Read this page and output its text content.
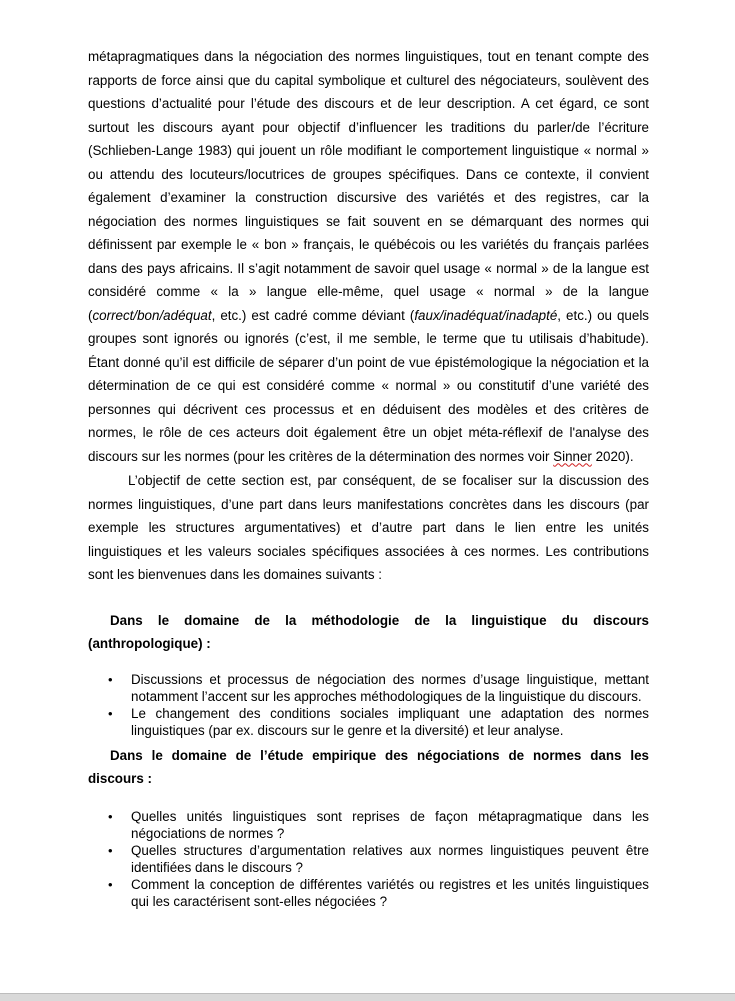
métapragmatiques dans la négociation des normes linguistiques, tout en tenant compte des rapports de force ainsi que du capital symbolique et culturel des négociateurs, soulèvent des questions d’actualité pour l’étude des discours et de leur description. A cet égard, ce sont surtout les discours ayant pour objectif d’influencer les traditions du parler/de l’écriture (Schlieben-Lange 1983) qui jouent un rôle modifiant le comportement linguistique « normal » ou attendu des locuteurs/locutrices de groupes spécifiques. Dans ce contexte, il convient également d’examiner la construction discursive des variétés et des registres, car la négociation des normes linguistiques se fait souvent en se démarquant des normes qui définissent par exemple le « bon » français, le québécois ou les variétés du français parlées dans des pays africains. Il s’agit notamment de savoir quel usage « normal » de la langue est considéré comme « la » langue elle-même, quel usage « normal » de la langue (correct/bon/adéquat, etc.) est cadré comme déviant (faux/inadéquat/inadapté, etc.) ou quels groupes sont ignorés ou ignorés (c’est, il me semble, le terme que tu utilisais d’habitude). Étant donné qu’il est difficile de séparer d’un point de vue épistémologique la négociation et la détermination de ce qui est considéré comme « normal » ou constitutif d’une variété des personnes qui décrivent ces processus et en déduisent des modèles et des critères de normes, le rôle de ces acteurs doit également être un objet méta-réflexif de l'analyse des discours sur les normes (pour les critères de la détermination des normes voir Sinner 2020).

L’objectif de cette section est, par conséquent, de se focaliser sur la discussion des normes linguistiques, d’une part dans leurs manifestations concrètes dans les discours (par exemple les structures argumentatives) et d’autre part dans le lien entre les unités linguistiques et les valeurs sociales spécifiques associées à ces normes. Les contributions sont les bienvenues dans les domaines suivants :

Dans le domaine de la méthodologie de la linguistique du discours (anthropologique) :

• Discussions et processus de négociation des normes d’usage linguistique, mettant notamment l’accent sur les approches méthodologiques de la linguistique du discours.
• Le changement des conditions sociales impliquant une adaptation des normes linguistiques (par ex. discours sur le genre et la diversité) et leur analyse.

Dans le domaine de l’étude empirique des négociations de normes dans les discours :

• Quelles unités linguistiques sont reprises de façon métapragmatique dans les négociations de normes ?
• Quelles structures d’argumentation relatives aux normes linguistiques peuvent être identifiées dans le discours ?
• Comment la conception de différentes variétés ou registres et les unités linguistiques qui les caractérisent sont-elles négociées ?
